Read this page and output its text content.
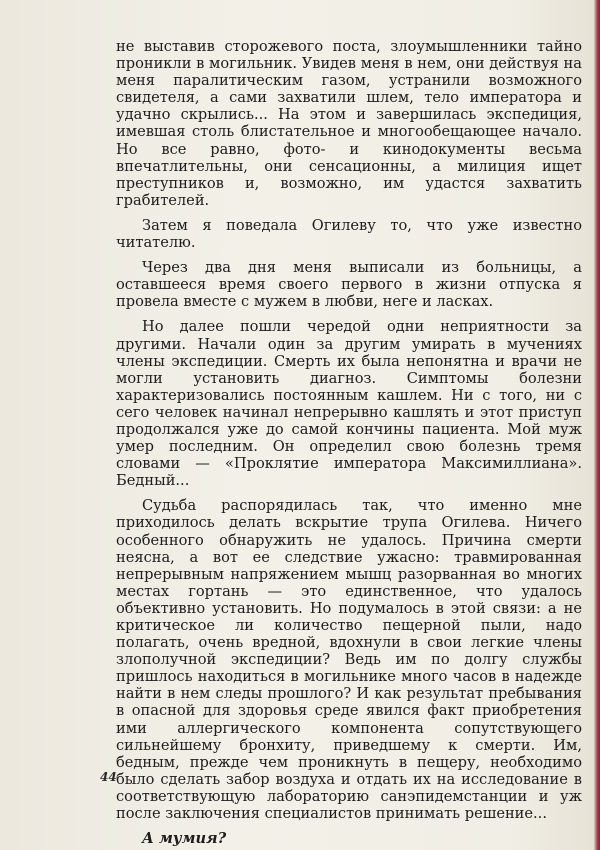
не выставив сторожевого поста, злоумышленники тайно проникли в могильник. Увидев меня в нем, они действуя на меня паралитическим газом, устранили возможного свидетеля, а сами захватили шлем, тело императора и удачно скрылись... На этом и завершилась экспедиция, имевшая столь блистательное и многообещающее начало. Но все равно, фото- и кинодокументы весьма впечатлительны, они сенсационны, а милиция ищет преступников и, возможно, им удастся захватить грабителей.

Затем я поведала Огилеву то, что уже известно читателю.

Через два дня меня выписали из больницы, а оставшееся время своего первого в жизни отпуска я провела вместе с мужем в любви, неге и ласках.

Но далее пошли чередой одни неприятности за другими. Начали один за другим умирать в мучениях члены экспедиции. Смерть их была непонятна и врачи не могли установить диагноз. Симптомы болезни характеризовались постоянным кашлем. Ни с того, ни с сего человек начинал непрерывно кашлять и этот приступ продолжался уже до самой кончины пациента. Мой муж умер последним. Он определил свою болезнь тремя словами — «Проклятие императора Максимиллиана». Бедный...

Судьба распорядилась так, что именно мне приходилось делать вскрытие трупа Огилева. Ничего особенного обнаружить не удалось. Причина смерти неясна, а вот ее следствие ужасно: травмированная непрерывным напряжением мышц разорванная во многих местах гортань — это единственное, что удалось объективно установить. Но подумалось в этой связи: а не критическое ли количество пещерной пыли, надо полагать, очень вредной, вдохнули в свои легкие члены злополучной экспедиции? Ведь им по долгу службы пришлось находиться в могильнике много часов в надежде найти в нем следы прошлого? И как результат пребывания в опасной для здоровья среде явился факт приобретения ими аллергического компонента сопутствующего сильнейшему бронхиту, приведшему к смерти. Им, бедным, прежде чем проникнуть в пещеру, необходимо было сделать забор воздуха и отдать их на исследование в соответствующую лабораторию санэпидемстанции и уж после заключения специалистов принимать решение...

А мумия?

44
